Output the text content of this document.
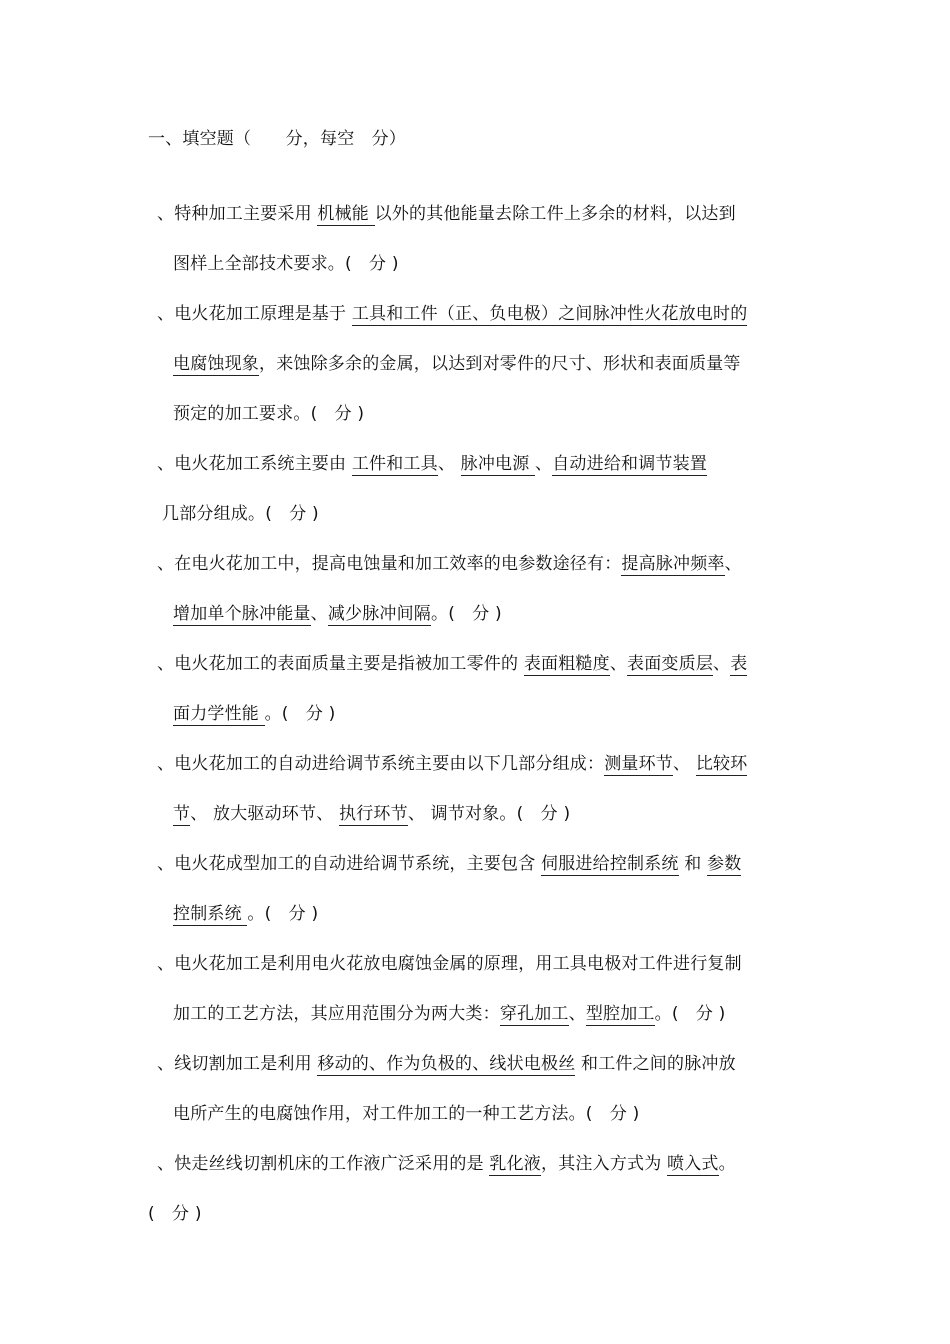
一、填空题（　　分，每空　分）
、特种加工主要采用 机械能 以外的其他能量去除工件上多余的材料，以达到
图样上全部技术要求。(　分 )
、电火花加工原理是基于 工具和工件（正、负电极）之间脉冲性火花放电时的
电腐蚀现象，来蚀除多余的金属，以达到对零件的尺寸、形状和表面质量等
预定的加工要求。(　分 )
、电火花加工系统主要由 工件和工具、 脉冲电源 、自动进给和调节装置
几部分组成。(　分 )
、在电火花加工中，提高电蚀量和加工效率的电参数途径有：提高脉冲频率、
增加单个脉冲能量、减少脉冲间隔。(　分 )
、电火花加工的表面质量主要是指被加工零件的 表面粗糙度、表面变质层、表
面力学性能 。(　分 )
、电火花加工的自动进给调节系统主要由以下几部分组成：测量环节、 比较环
节、 放大驱动环节、 执行环节、 调节对象。(　分 )
、电火花成型加工的自动进给调节系统，主要包含 伺服进给控制系统 和 参数
控制系统 。(　分 )
、电火花加工是利用电火花放电腐蚀金属的原理，用工具电极对工件进行复制
加工的工艺方法，其应用范围分为两大类：穿孔加工、型腔加工。(　分 )
、线切割加工是利用 移动的、作为负极的、线状电极丝 和工件之间的脉冲放
电所产生的电腐蚀作用，对工件加工的一种工艺方法。(　分 )
、快走丝线切割机床的工作液广泛采用的是 乳化液，其注入方式为 喷入式。
(　分 )
